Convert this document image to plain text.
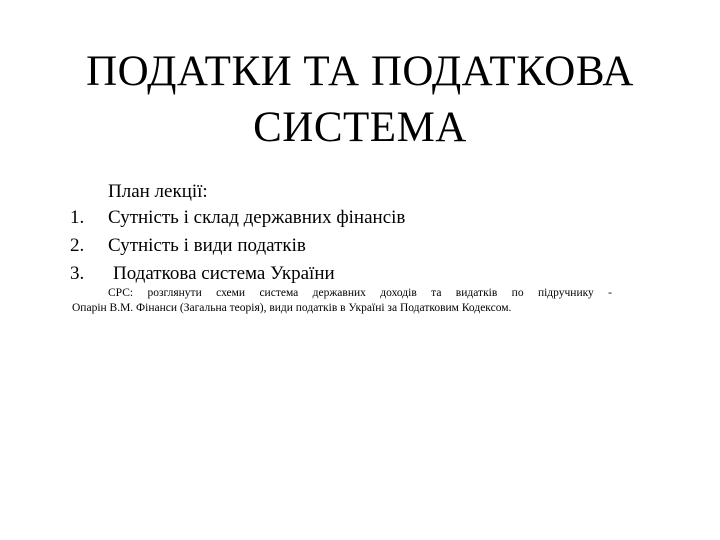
ПОДАТКИ ТА ПОДАТКОВА
СИСТЕМА
План лекції:
1. Сутність і склад державних фінансів
2. Сутність і види податків
3. Податкова система України
СРС: розглянути схеми система державних доходів та видатків по підручнику -
Опарін В.М. Фінанси (Загальна теорія), види податків в Україні за Податковим Кодексом.
